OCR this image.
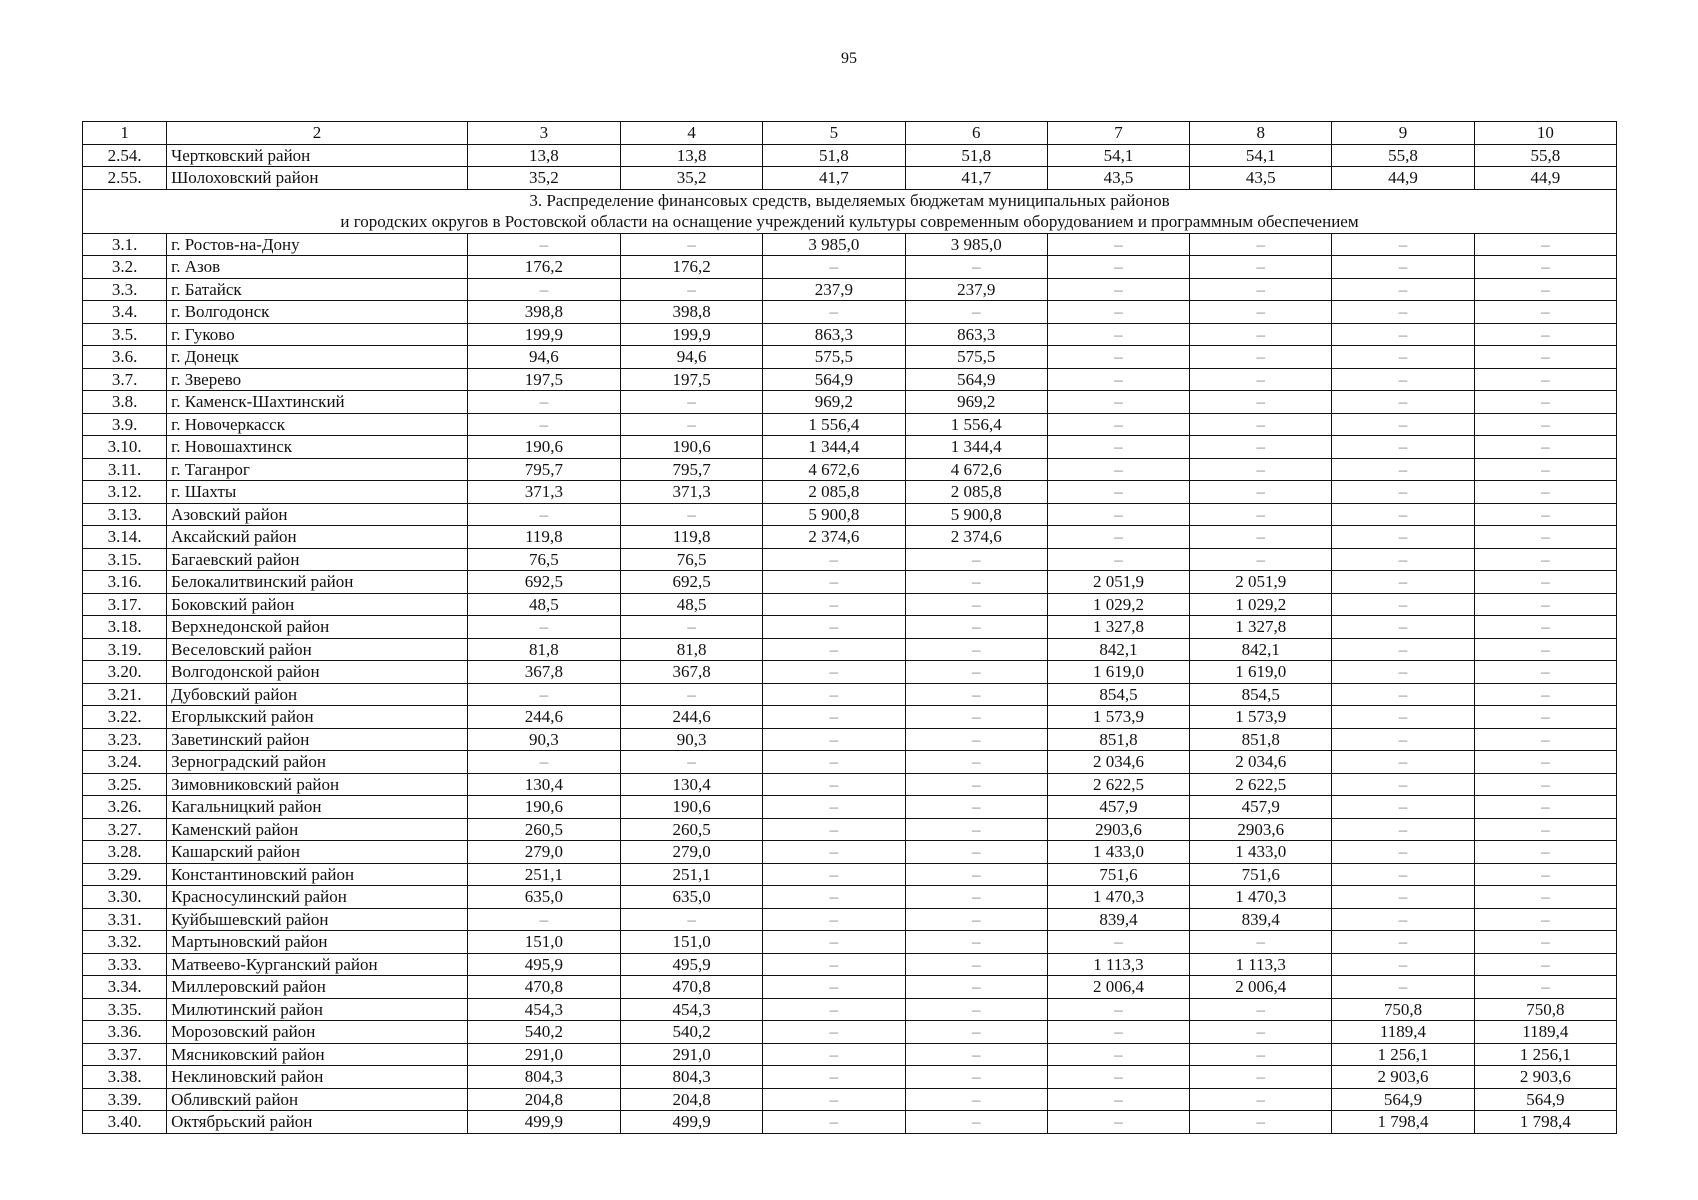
95
1	2	3	4	5	6	7	8	9	10
2.54.	Чертковский район	13,8	13,8	51,8	51,8	54,1	54,1	55,8	55,8
2.55.	Шолоховский район	35,2	35,2	41,7	41,7	43,5	43,5	44,9	44,9
3. Распределение финансовых средств, выделяемых бюджетам муниципальных районов
и городских округов в Ростовской области на оснащение учреждений культуры современным оборудованием и программным обеспечением									
3.1.	г. Ростов-на-Дону	–	–	3 985,0	3 985,0	–	–	–	–
3.2.	г. Азов	176,2	176,2	–	–	–	–	–	–
3.3.	г. Батайск	–	–	237,9	237,9	–	–	–	–
3.4.	г. Волгодонск	398,8	398,8	–	–	–	–	–	–
3.5.	г. Гуково	199,9	199,9	863,3	863,3	–	–	–	–
3.6.	г. Донецк	94,6	94,6	575,5	575,5	–	–	–	–
3.7.	г. Зверево	197,5	197,5	564,9	564,9	–	–	–	–
3.8.	г. Каменск-Шахтинский	–	–	969,2	969,2	–	–	–	–
3.9.	г. Новочеркасск	–	–	1 556,4	1 556,4	–	–	–	–
3.10.	г. Новошахтинск	190,6	190,6	1 344,4	1 344,4	–	–	–	–
3.11.	г. Таганрог	795,7	795,7	4 672,6	4 672,6	–	–	–	–
3.12.	г. Шахты	371,3	371,3	2 085,8	2 085,8	–	–	–	–
3.13.	Азовский район	–	–	5 900,8	5 900,8	–	–	–	–
3.14.	Аксайский район	119,8	119,8	2 374,6	2 374,6	–	–	–	–
3.15.	Багаевский район	76,5	76,5	–	–	–	–	–	–
3.16.	Белокалитвинский район	692,5	692,5	–	–	2 051,9	2 051,9	–	–
3.17.	Боковский район	48,5	48,5	–	–	1 029,2	1 029,2	–	–
3.18.	Верхнедонской район	–	–	–	–	1 327,8	1 327,8	–	–
3.19.	Веселовский район	81,8	81,8	–	–	842,1	842,1	–	–
3.20.	Волгодонской район	367,8	367,8	–	–	1 619,0	1 619,0	–	–
3.21.	Дубовский район	–	–	–	–	854,5	854,5	–	–
3.22.	Егорлыкский район	244,6	244,6	–	–	1 573,9	1 573,9	–	–
3.23.	Заветинский район	90,3	90,3	–	–	851,8	851,8	–	–
3.24.	Зерноградский район	–	–	–	–	2 034,6	2 034,6	–	–
3.25.	Зимовниковский район	130,4	130,4	–	–	2 622,5	2 622,5	–	–
3.26.	Кагальницкий район	190,6	190,6	–	–	457,9	457,9	–	–
3.27.	Каменский район	260,5	260,5	–	–	2903,6	2903,6	–	–
3.28.	Кашарский район	279,0	279,0	–	–	1 433,0	1 433,0	–	–
3.29.	Константиновский район	251,1	251,1	–	–	751,6	751,6	–	–
3.30.	Красносулинский район	635,0	635,0	–	–	1 470,3	1 470,3	–	–
3.31.	Куйбышевский район	–	–	–	–	839,4	839,4	–	–
3.32.	Мартыновский район	151,0	151,0	–	–	–	–	–	–
3.33.	Матвеево-Курганский район	495,9	495,9	–	–	1 113,3	1 113,3	–	–
3.34.	Миллеровский район	470,8	470,8	–	–	2 006,4	2 006,4	–	–
3.35.	Милютинский район	454,3	454,3	–	–	–	–	750,8	750,8
3.36.	Морозовский район	540,2	540,2	–	–	–	–	1189,4	1189,4
3.37.	Мясниковский район	291,0	291,0	–	–	–	–	1 256,1	1 256,1
3.38.	Неклиновский район	804,3	804,3	–	–	–	–	2 903,6	2 903,6
3.39.	Обливский район	204,8	204,8	–	–	–	–	564,9	564,9
3.40.	Октябрьский район	499,9	499,9	–	–	–	–	1 798,4	1 798,4
